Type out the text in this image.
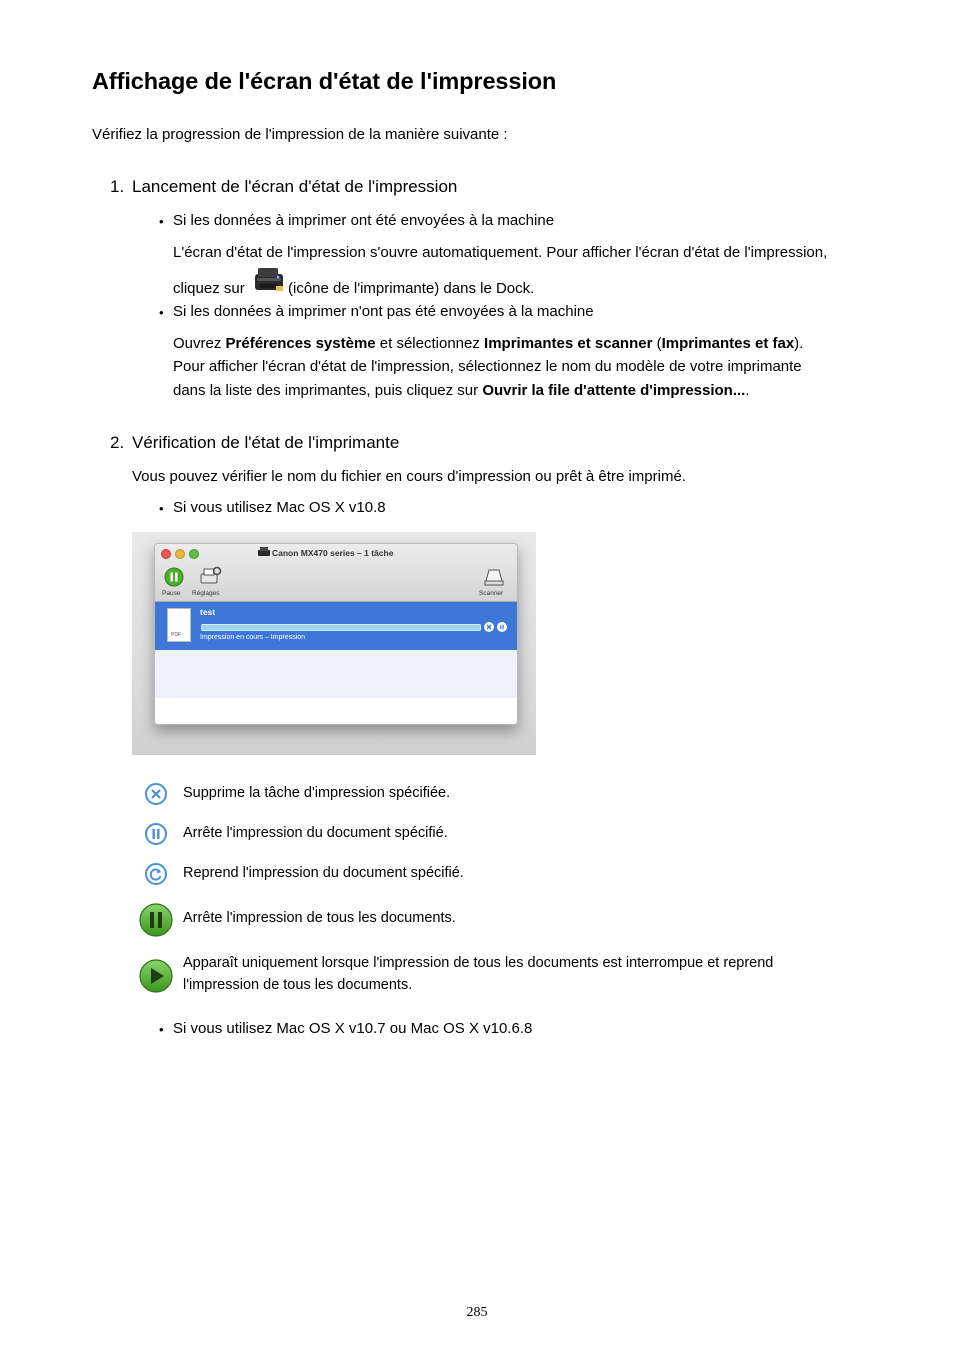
Affichage de l'écran d'état de l'impression
Vérifiez la progression de l'impression de la manière suivante :
1. Lancement de l'écran d'état de l'impression
• Si les données à imprimer ont été envoyées à la machine
L'écran d'état de l'impression s'ouvre automatiquement. Pour afficher l'écran d'état de l'impression,
cliquez sur	(icône de l'imprimante) dans le Dock.
• Si les données à imprimer n'ont pas été envoyées à la machine
Ouvrez Préférences système et sélectionnez Imprimantes et scanner (Imprimantes et fax).
Pour afficher l'écran d'état de l'impression, sélectionnez le nom du modèle de votre imprimante
dans la liste des imprimantes, puis cliquez sur Ouvrir la file d'attente d'impression....
2. Vérification de l'état de l'imprimante
Vous pouvez vérifier le nom du fichier en cours d'impression ou prêt à être imprimé.
• Si vous utilisez Mac OS X v10.8
Canon MX470 series – 1 tâche
Pause Réglages	Scanner
PDF
test
Impression en cours – Impression
Supprime la tâche d'impression spécifiée.
Arrête l'impression du document spécifié.
Reprend l'impression du document spécifié.
Arrête l'impression de tous les documents.
Apparaît uniquement lorsque l'impression de tous les documents est interrompue et reprend
l'impression de tous les documents.
• Si vous utilisez Mac OS X v10.7 ou Mac OS X v10.6.8
285
